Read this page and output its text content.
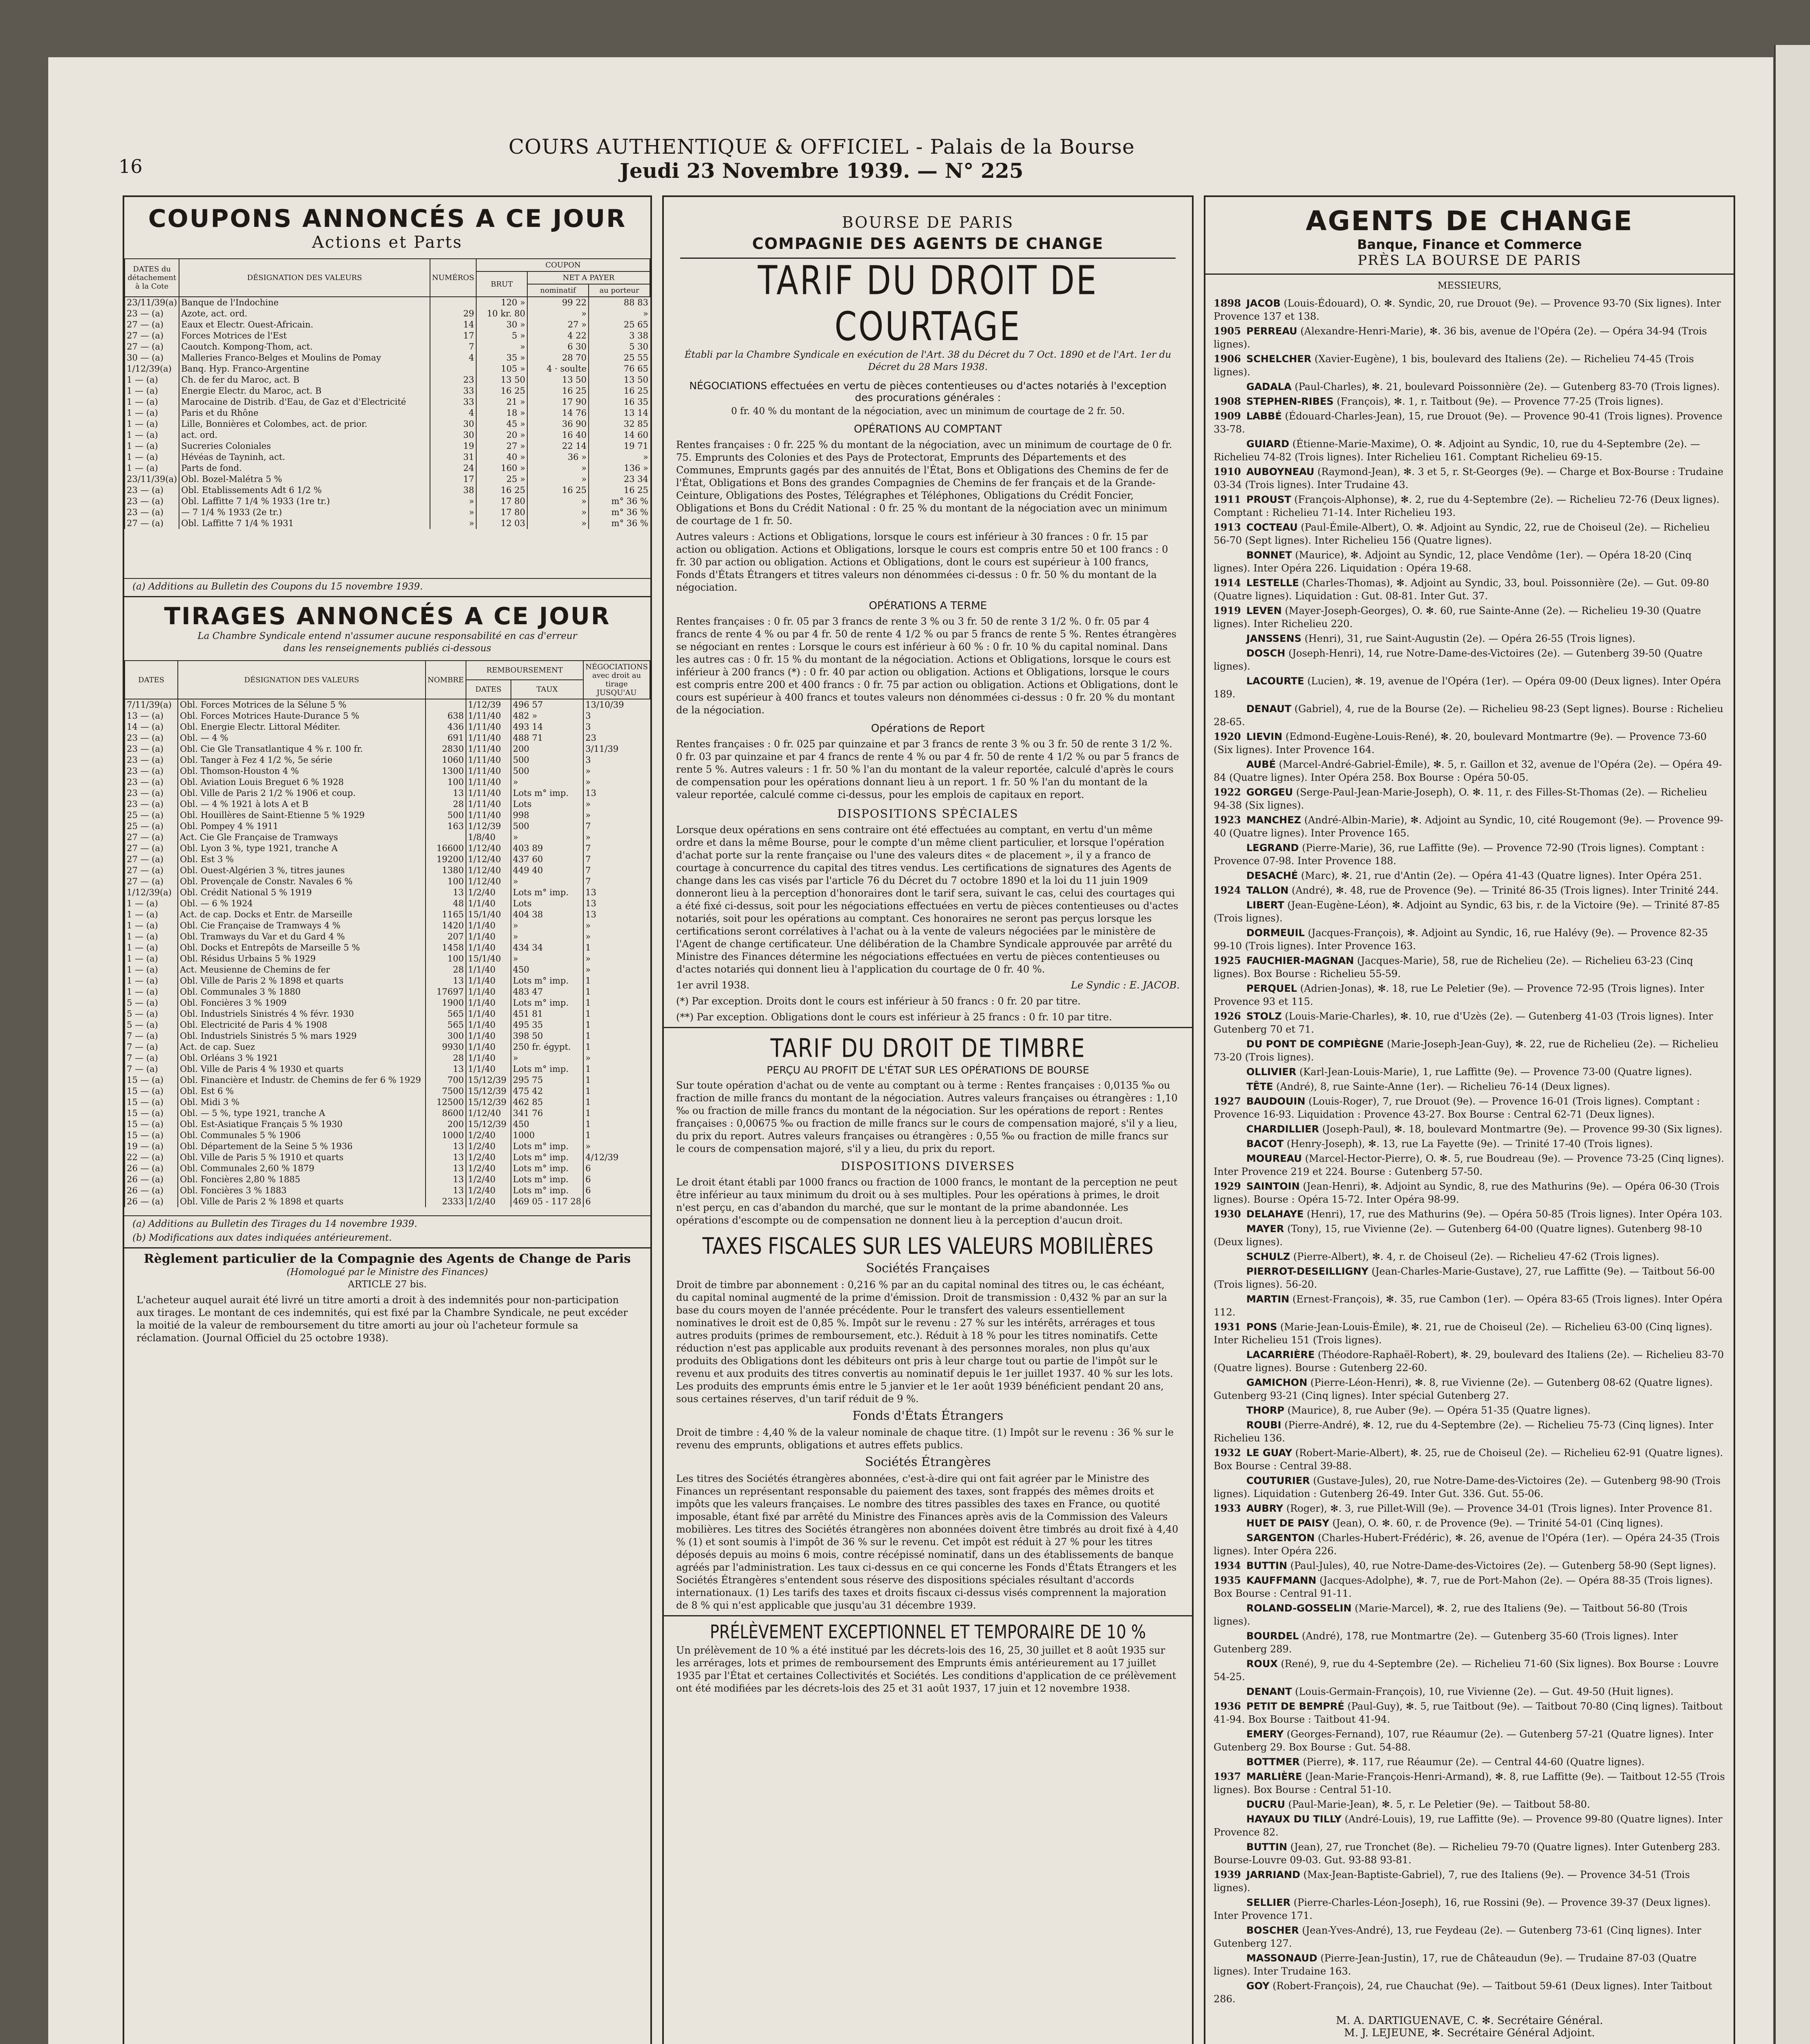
16
COURS AUTHENTIQUE & OFFICIEL - Palais de la Bourse
Jeudi 23 Novembre 1939. — N° 225
COUPONS ANNONCÉS A CE JOUR
Actions et Parts
DATES du détachement à la Cote	DÉSIGNATION DES VALEURS	NUMÉROS	COUPON		
			BRUT	NET A PAYER	
				nominatif	au porteur
23/11/39(a)	Banque de l'Indochine		120 »	99 22	88 83
23 — (a)	Azote, act. ord.	29	10 kr. 80	»	»
27 — (a)	Eaux et Electr. Ouest-Africain.	14	30 »	27 »	25 65
27 — (a)	Forces Motrices de l'Est	17	5 »	4 22	3 38
27 — (a)	Caoutch. Kompong-Thom, act.	7	»	6 30	5 30
30 — (a)	Malleries Franco-Belges et Moulins de Pomay	4	35 »	28 70	25 55
1/12/39(a)	Banq. Hyp. Franco-Argentine		105 »	4 · soulte	76 65
1 — (a)	Ch. de fer du Maroc, act. B	23	13 50	13 50	13 50
1 — (a)	Energie Electr. du Maroc, act. B	33	16 25	16 25	16 25
1 — (a)	Marocaine de Distrib. d'Eau, de Gaz et d'Electricité	33	21 »	17 90	16 35
1 — (a)	Paris et du Rhône	4	18 »	14 76	13 14
1 — (a)	Lille, Bonnières et Colombes, act. de prior.	30	45 »	36 90	32 85
1 — (a)	act. ord.	30	20 »	16 40	14 60
1 — (a)	Sucreries Coloniales	19	27 »	22 14	19 71
1 — (a)	Hévéas de Tayninh, act.	31	40 »	36 »	»
1 — (a)	Parts de fond.	24	160 »	»	136 »
23/11/39(a)	Obl. Bozel-Malétra 5 %	17	25 »	»	23 34
23 — (a)	Obl. Etablissements Adt 6 1/2 %	38	16 25	16 25	16 25
23 — (a)	Obl. Laffitte 7 1/4 % 1933 (1re tr.)	»	17 80	»	m° 36 %
23 — (a)	— 7 1/4 % 1933 (2e tr.)	»	17 80	»	m° 36 %
27 — (a)	Obl. Laffitte 7 1/4 % 1931	»	12 03	»	m° 36 %
(a) Additions au Bulletin des Coupons du 15 novembre 1939.
TIRAGES ANNONCÉS A CE JOUR
La Chambre Syndicale entend n'assumer aucune responsabilité en cas d'erreur
dans les renseignements publiés ci-dessous
DATES	DÉSIGNATION DES VALEURS	NOMBRE	REMBOURSEMENT		NÉGOCIATIONS avec droit au tirage JUSQU'AU
			DATES	TAUX	
7/11/39(a)	Obl. Forces Motrices de la Sélune 5 %		1/12/39	496 57	13/10/39
13 — (a)	Obl. Forces Motrices Haute-Durance 5 %	638	1/11/40	482 »	3
14 — (a)	Obl. Energie Electr. Littoral Méditer.	436	1/11/40	493 14	3
23 — (a)	Obl. — 4 %	691	1/11/40	488 71	23
23 — (a)	Obl. Cie Gle Transatlantique 4 % r. 100 fr.	2830	1/11/40	200	3/11/39
23 — (a)	Obl. Tanger à Fez 4 1/2 %, 5e série	1060	1/11/40	500	3
23 — (a)	Obl. Thomson-Houston 4 %	1300	1/11/40	500	»
23 — (a)	Obl. Aviation Louis Breguet 6 % 1928	100	1/11/40	»	»
23 — (a)	Obl. Ville de Paris 2 1/2 % 1906 et coup.	13	1/11/40	Lots m° imp.	13
23 — (a)	Obl. — 4 % 1921 à lots A et B	28	1/11/40	Lots	»
25 — (a)	Obl. Houillères de Saint-Etienne 5 % 1929	500	1/11/40	998	»
25 — (a)	Obl. Pompey 4 % 1911	163	1/12/39	500	7
27 — (a)	Act. Cie Gle Française de Tramways		1/8/40	»	»
27 — (a)	Obl. Lyon 3 %, type 1921, tranche A	16600	1/12/40	403 89	7
27 — (a)	Obl. Est 3 %	19200	1/12/40	437 60	7
27 — (a)	Obl. Ouest-Algérien 3 %, titres jaunes	1380	1/12/40	449 40	7
27 — (a)	Obl. Provençale de Constr. Navales 6 %	100	1/12/40	»	7
1/12/39(a)	Obl. Crédit National 5 % 1919	13	1/2/40	Lots m° imp.	13
1 — (a)	Obl. — 6 % 1924	48	1/1/40	Lots	13
1 — (a)	Act. de cap. Docks et Entr. de Marseille	1165	15/1/40	404 38	13
1 — (a)	Obl. Cie Française de Tramways 4 %	1420	1/1/40	»	»
1 — (a)	Obl. Tramways du Var et du Gard 4 %	207	1/1/40	»	»
1 — (a)	Obl. Docks et Entrepôts de Marseille 5 %	1458	1/1/40	434 34	1
1 — (a)	Obl. Résidus Urbains 5 % 1929	100	15/1/40	»	»
1 — (a)	Act. Meusienne de Chemins de fer	28	1/1/40	450	»
1 — (a)	Obl. Ville de Paris 2 % 1898 et quarts	13	1/1/40	Lots m° imp.	1
1 — (a)	Obl. Communales 3 % 1880	17697	1/1/40	483 47	1
5 — (a)	Obl. Foncières 3 % 1909	1900	1/1/40	Lots m° imp.	1
5 — (a)	Obl. Industriels Sinistrés 4 % févr. 1930	565	1/1/40	451 81	1
5 — (a)	Obl. Electricité de Paris 4 % 1908	565	1/1/40	495 35	1
7 — (a)	Obl. Industriels Sinistrés 5 % mars 1929	300	1/1/40	398 50	1
7 — (a)	Act. de cap. Suez	9930	1/1/40	250 fr. égypt.	1
7 — (a)	Obl. Orléans 3 % 1921	28	1/1/40	»	»
7 — (a)	Obl. Ville de Paris 4 % 1930 et quarts	13	1/1/40	Lots m° imp.	1
15 — (a)	Obl. Financière et Industr. de Chemins de fer 6 % 1929	700	15/12/39	295 75	1
15 — (a)	Obl. Est 6 %	7500	15/12/39	475 42	1
15 — (a)	Obl. Midi 3 %	12500	15/12/39	462 85	1
15 — (a)	Obl. — 5 %, type 1921, tranche A	8600	1/12/40	341 76	1
15 — (a)	Obl. Est-Asiatique Français 5 % 1930	200	15/12/39	450	1
15 — (a)	Obl. Communales 5 % 1906	1000	1/2/40	1000	1
19 — (a)	Obl. Département de la Seine 5 % 1936	13	1/2/40	Lots m° imp.	»
22 — (a)	Obl. Ville de Paris 5 % 1910 et quarts	13	1/2/40	Lots m° imp.	4/12/39
26 — (a)	Obl. Communales 2,60 % 1879	13	1/2/40	Lots m° imp.	6
26 — (a)	Obl. Foncières 2,80 % 1885	13	1/2/40	Lots m° imp.	6
26 — (a)	Obl. Foncières 3 % 1883	13	1/2/40	Lots m° imp.	6
26 — (a)	Obl. Ville de Paris 2 % 1898 et quarts	2333	1/2/40	469 05 - 117 28	6
(a) Additions au Bulletin des Tirages du 14 novembre 1939.
(b) Modifications aux dates indiquées antérieurement.
Règlement particulier de la Compagnie des Agents de Change de Paris
(Homologué par le Ministre des Finances)
ARTICLE 27 bis.
L'acheteur auquel aurait été livré un titre amorti a droit à des indemnités pour non-participation aux tirages. Le montant de ces indemnités, qui est fixé par la Chambre Syndicale, ne peut excéder la moitié de la valeur de remboursement du titre amorti au jour où l'acheteur formule sa réclamation. (Journal Officiel du 25 octobre 1938).
BOURSE DE PARIS
COMPAGNIE DES AGENTS DE CHANGE
TARIF DU DROIT DE COURTAGE
Établi par la Chambre Syndicale en exécution de l'Art. 38 du Décret du 7 Oct. 1890 et de l'Art. 1er du Décret du 28 Mars 1938.
NÉGOCIATIONS effectuées en vertu de pièces contentieuses ou d'actes notariés à l'exception des procurations générales :
0 fr. 40 % du montant de la négociation, avec un minimum de courtage de 2 fr. 50.
OPÉRATIONS AU COMPTANT
Rentes françaises : 0 fr. 225 % du montant de la négociation, avec un minimum de courtage de 0 fr. 75. Emprunts des Colonies et des Pays de Protectorat, Emprunts des Départements et des Communes, Emprunts gagés par des annuités de l'État, Bons et Obligations des Chemins de fer de l'État, Obligations et Bons des grandes Compagnies de Chemins de fer français et de la Grande-Ceinture, Obligations des Postes, Télégraphes et Téléphones, Obligations du Crédit Foncier, Obligations et Bons du Crédit National : 0 fr. 25 % du montant de la négociation avec un minimum de courtage de 1 fr. 50.
Autres valeurs : Actions et Obligations, lorsque le cours est inférieur à 30 frances : 0 fr. 15 par action ou obligation. Actions et Obligations, lorsque le cours est compris entre 50 et 100 francs : 0 fr. 30 par action ou obligation. Actions et Obligations, dont le cours est supérieur à 100 francs, Fonds d'États Étrangers et titres valeurs non dénommées ci-dessus : 0 fr. 50 % du montant de la négociation.
OPÉRATIONS A TERME
Rentes françaises : 0 fr. 05 par 3 francs de rente 3 % ou 3 fr. 50 de rente 3 1/2 %. 0 fr. 05 par 4 francs de rente 4 % ou par 4 fr. 50 de rente 4 1/2 % ou par 5 francs de rente 5 %. Rentes étrangères se négociant en rentes : Lorsque le cours est inférieur à 60 % : 0 fr. 10 % du capital nominal. Dans les autres cas : 0 fr. 15 % du montant de la négociation. Actions et Obligations, lorsque le cours est inférieur à 200 francs (*) : 0 fr. 40 par action ou obligation. Actions et Obligations, lorsque le cours est compris entre 200 et 400 francs : 0 fr. 75 par action ou obligation. Actions et Obligations, dont le cours est supérieur à 400 francs et toutes valeurs non dénommées ci-dessus : 0 fr. 20 % du montant de la négociation.
Opérations de Report
Rentes françaises : 0 fr. 025 par quinzaine et par 3 francs de rente 3 % ou 3 fr. 50 de rente 3 1/2 %. 0 fr. 03 par quinzaine et par 4 francs de rente 4 % ou par 4 fr. 50 de rente 4 1/2 % ou par 5 francs de rente 5 %. Autres valeurs : 1 fr. 50 % l'an du montant de la valeur reportée, calculé d'après le cours de compensation pour les opérations donnant lieu à un report. 1 fr. 50 % l'an du montant de la valeur reportée, calculé comme ci-dessus, pour les emplois de capitaux en report.
DISPOSITIONS SPÉCIALES
Lorsque deux opérations en sens contraire ont été effectuées au comptant, en vertu d'un même ordre et dans la même Bourse, pour le compte d'un même client particulier, et lorsque l'opération d'achat porte sur la rente française ou l'une des valeurs dites « de placement », il y a franco de courtage à concurrence du capital des titres vendus. Les certifications de signatures des Agents de change dans les cas visés par l'article 76 du Décret du 7 octobre 1890 et la loi du 11 juin 1909 donneront lieu à la perception d'honoraires dont le tarif sera, suivant le cas, celui des courtages qui a été fixé ci-dessus, soit pour les négociations effectuées en vertu de pièces contentieuses ou d'actes notariés, soit pour les opérations au comptant. Ces honoraires ne seront pas perçus lorsque les certifications seront corrélatives à l'achat ou à la vente de valeurs négociées par le ministère de l'Agent de change certificateur. Une délibération de la Chambre Syndicale approuvée par arrêté du Ministre des Finances détermine les négociations effectuées en vertu de pièces contentieuses ou d'actes notariés qui donnent lieu à l'application du courtage de 0 fr. 40 %.
1er avril 1938.	Le Syndic : E. JACOB.
(*) Par exception. Droits dont le cours est inférieur à 50 francs : 0 fr. 20 par titre.
(**) Par exception. Obligations dont le cours est inférieur à 25 francs : 0 fr. 10 par titre.
TARIF DU DROIT DE TIMBRE
PERÇU AU PROFIT DE L'ÉTAT SUR LES OPÉRATIONS DE BOURSE
Sur toute opération d'achat ou de vente au comptant ou à terme : Rentes françaises : 0,0135 ‰ ou fraction de mille francs du montant de la négociation. Autres valeurs françaises ou étrangères : 1,10 ‰ ou fraction de mille francs du montant de la négociation. Sur les opérations de report : Rentes françaises : 0,00675 ‰ ou fraction de mille francs sur le cours de compensation majoré, s'il y a lieu, du prix du report. Autres valeurs françaises ou étrangères : 0,55 ‰ ou fraction de mille francs sur le cours de compensation majoré, s'il y a lieu, du prix du report.
DISPOSITIONS DIVERSES
Le droit étant établi par 1000 francs ou fraction de 1000 francs, le montant de la perception ne peut être inférieur au taux minimum du droit ou à ses multiples. Pour les opérations à primes, le droit n'est perçu, en cas d'abandon du marché, que sur le montant de la prime abandonnée. Les opérations d'escompte ou de compensation ne donnent lieu à la perception d'aucun droit.
TAXES FISCALES SUR LES VALEURS MOBILIÈRES
Sociétés Françaises
Droit de timbre par abonnement : 0,216 % par an du capital nominal des titres ou, le cas échéant, du capital nominal augmenté de la prime d'émission. Droit de transmission : 0,432 % par an sur la base du cours moyen de l'année précédente. Pour le transfert des valeurs essentiellement nominatives le droit est de 0,85 %. Impôt sur le revenu : 27 % sur les intérêts, arrérages et tous autres produits (primes de remboursement, etc.). Réduit à 18 % pour les titres nominatifs. Cette réduction n'est pas applicable aux produits revenant à des personnes morales, non plus qu'aux produits des Obligations dont les débiteurs ont pris à leur charge tout ou partie de l'impôt sur le revenu et aux produits des titres convertis au nominatif depuis le 1er juillet 1937. 40 % sur les lots. Les produits des emprunts émis entre le 5 janvier et le 1er août 1939 bénéficient pendant 20 ans, sous certaines réserves, d'un tarif réduit de 9 %.
Fonds d'États Étrangers
Droit de timbre : 4,40 % de la valeur nominale de chaque titre. (1) Impôt sur le revenu : 36 % sur le revenu des emprunts, obligations et autres effets publics.
Sociétés Étrangères
Les titres des Sociétés étrangères abonnées, c'est-à-dire qui ont fait agréer par le Ministre des Finances un représentant responsable du paiement des taxes, sont frappés des mêmes droits et impôts que les valeurs françaises. Le nombre des titres passibles des taxes en France, ou quotité imposable, étant fixé par arrêté du Ministre des Finances après avis de la Commission des Valeurs mobilières. Les titres des Sociétés étrangères non abonnées doivent être timbrés au droit fixé à 4,40 % (1) et sont soumis à l'impôt de 36 % sur le revenu. Cet impôt est réduit à 27 % pour les titres déposés depuis au moins 6 mois, contre récépissé nominatif, dans un des établissements de banque agréés par l'administration. Les taux ci-dessus en ce qui concerne les Fonds d'États Étrangers et les Sociétés Étrangères s'entendent sous réserve des dispositions spéciales résultant d'accords internationaux. (1) Les tarifs des taxes et droits fiscaux ci-dessus visés comprennent la majoration de 8 % qui n'est applicable que jusqu'au 31 décembre 1939.
PRÉLÈVEMENT EXCEPTIONNEL ET TEMPORAIRE DE 10 %
Un prélèvement de 10 % a été institué par les décrets-lois des 16, 25, 30 juillet et 8 août 1935 sur les arrérages, lots et primes de remboursement des Emprunts émis antérieurement au 17 juillet 1935 par l'État et certaines Collectivités et Sociétés. Les conditions d'application de ce prélèvement ont été modifiées par les décrets-lois des 25 et 31 août 1937, 17 juin et 12 novembre 1938.
AGENTS DE CHANGE
Banque, Finance et Commerce
PRÈS LA BOURSE DE PARIS
MESSIEURS,
1898 JACOB (Louis-Édouard), O. ✻. Syndic, 20, rue Drouot (9e). — Provence 93-70 (Six lignes). Inter Provence 137 et 138.
1905 PERREAU (Alexandre-Henri-Marie), ✻. 36 bis, avenue de l'Opéra (2e). — Opéra 34-94 (Trois lignes).
1906 SCHELCHER (Xavier-Eugène), 1 bis, boulevard des Italiens (2e). — Richelieu 74-45 (Trois lignes).
GADALA (Paul-Charles), ✻. 21, boulevard Poissonnière (2e). — Gutenberg 83-70 (Trois lignes).
1908 STEPHEN-RIBES (François), ✻. 1, r. Taitbout (9e). — Provence 77-25 (Trois lignes).
1909 LABBÉ (Édouard-Charles-Jean), 15, rue Drouot (9e). — Provence 90-41 (Trois lignes). Provence 33-78.
GUIARD (Étienne-Marie-Maxime), O. ✻. Adjoint au Syndic, 10, rue du 4-Septembre (2e). — Richelieu 74-82 (Trois lignes). Inter Richelieu 161. Comptant Richelieu 69-15.
1910 AUBOYNEAU (Raymond-Jean), ✻. 3 et 5, r. St-Georges (9e). — Charge et Box-Bourse : Trudaine 03-34 (Trois lignes). Inter Trudaine 43.
1911 PROUST (François-Alphonse), ✻. 2, rue du 4-Septembre (2e). — Richelieu 72-76 (Deux lignes). Comptant : Richelieu 71-14. Inter Richelieu 193.
1913 COCTEAU (Paul-Émile-Albert), O. ✻. Adjoint au Syndic, 22, rue de Choiseul (2e). — Richelieu 56-70 (Sept lignes). Inter Richelieu 156 (Quatre lignes).
BONNET (Maurice), ✻. Adjoint au Syndic, 12, place Vendôme (1er). — Opéra 18-20 (Cinq lignes). Inter Opéra 226. Liquidation : Opéra 19-68.
1914 LESTELLE (Charles-Thomas), ✻. Adjoint au Syndic, 33, boul. Poissonnière (2e). — Gut. 09-80 (Quatre lignes). Liquidation : Gut. 08-81. Inter Gut. 37.
1919 LEVEN (Mayer-Joseph-Georges), O. ✻. 60, rue Sainte-Anne (2e). — Richelieu 19-30 (Quatre lignes). Inter Richelieu 220.
JANSSENS (Henri), 31, rue Saint-Augustin (2e). — Opéra 26-55 (Trois lignes).
DOSCH (Joseph-Henri), 14, rue Notre-Dame-des-Victoires (2e). — Gutenberg 39-50 (Quatre lignes).
LACOURTE (Lucien), ✻. 19, avenue de l'Opéra (1er). — Opéra 09-00 (Deux lignes). Inter Opéra 189.
DENAUT (Gabriel), 4, rue de la Bourse (2e). — Richelieu 98-23 (Sept lignes). Bourse : Richelieu 28-65.
1920 LIEVIN (Edmond-Eugène-Louis-René), ✻. 20, boulevard Montmartre (9e). — Provence 73-60 (Six lignes). Inter Provence 164.
AUBÉ (Marcel-André-Gabriel-Émile), ✻. 5, r. Gaillon et 32, avenue de l'Opéra (2e). — Opéra 49-84 (Quatre lignes). Inter Opéra 258. Box Bourse : Opéra 50-05.
1922 GORGEU (Serge-Paul-Jean-Marie-Joseph), O. ✻. 11, r. des Filles-St-Thomas (2e). — Richelieu 94-38 (Six lignes).
1923 MANCHEZ (André-Albin-Marie), ✻. Adjoint au Syndic, 10, cité Rougemont (9e). — Provence 99-40 (Quatre lignes). Inter Provence 165.
LEGRAND (Pierre-Marie), 36, rue Laffitte (9e). — Provence 72-90 (Trois lignes). Comptant : Provence 07-98. Inter Provence 188.
DESACHÉ (Marc), ✻. 21, rue d'Antin (2e). — Opéra 41-43 (Quatre lignes). Inter Opéra 251.
1924 TALLON (André), ✻. 48, rue de Provence (9e). — Trinité 86-35 (Trois lignes). Inter Trinité 244.
LIBERT (Jean-Eugène-Léon), ✻. Adjoint au Syndic, 63 bis, r. de la Victoire (9e). — Trinité 87-85 (Trois lignes).
DORMEUIL (Jacques-François), ✻. Adjoint au Syndic, 16, rue Halévy (9e). — Provence 82-35 99-10 (Trois lignes). Inter Provence 163.
1925 FAUCHIER-MAGNAN (Jacques-Marie), 58, rue de Richelieu (2e). — Richelieu 63-23 (Cinq lignes). Box Bourse : Richelieu 55-59.
PERQUEL (Adrien-Jonas), ✻. 18, rue Le Peletier (9e). — Provence 72-95 (Trois lignes). Inter Provence 93 et 115.
1926 STOLZ (Louis-Marie-Charles), ✻. 10, rue d'Uzès (2e). — Gutenberg 41-03 (Trois lignes). Inter Gutenberg 70 et 71.
DU PONT DE COMPIÈGNE (Marie-Joseph-Jean-Guy), ✻. 22, rue de Richelieu (2e). — Richelieu 73-20 (Trois lignes).
OLLIVIER (Karl-Jean-Louis-Marie), 1, rue Laffitte (9e). — Provence 73-00 (Quatre lignes).
TÊTE (André), 8, rue Sainte-Anne (1er). — Richelieu 76-14 (Deux lignes).
1927 BAUDOUIN (Louis-Roger), 7, rue Drouot (9e). — Provence 16-01 (Trois lignes). Comptant : Provence 16-93. Liquidation : Provence 43-27. Box Bourse : Central 62-71 (Deux lignes).
CHARDILLIER (Joseph-Paul), ✻. 18, boulevard Montmartre (9e). — Provence 99-30 (Six lignes).
BACOT (Henry-Joseph), ✻. 13, rue La Fayette (9e). — Trinité 17-40 (Trois lignes).
MOUREAU (Marcel-Hector-Pierre), O. ✻. 5, rue Boudreau (9e). — Provence 73-25 (Cinq lignes). Inter Provence 219 et 224. Bourse : Gutenberg 57-50.
1929 SAINTOIN (Jean-Henri), ✻. Adjoint au Syndic, 8, rue des Mathurins (9e). — Opéra 06-30 (Trois lignes). Bourse : Opéra 15-72. Inter Opéra 98-99.
1930 DELAHAYE (Henri), 17, rue des Mathurins (9e). — Opéra 50-85 (Trois lignes). Inter Opéra 103.
MAYER (Tony), 15, rue Vivienne (2e). — Gutenberg 64-00 (Quatre lignes). Gutenberg 98-10 (Deux lignes).
SCHULZ (Pierre-Albert), ✻. 4, r. de Choiseul (2e). — Richelieu 47-62 (Trois lignes).
PIERROT-DESEILLIGNY (Jean-Charles-Marie-Gustave), 27, rue Laffitte (9e). — Taitbout 56-00 (Trois lignes). 56-20.
MARTIN (Ernest-François), ✻. 35, rue Cambon (1er). — Opéra 83-65 (Trois lignes). Inter Opéra 112.
1931 PONS (Marie-Jean-Louis-Émile), ✻. 21, rue de Choiseul (2e). — Richelieu 63-00 (Cinq lignes). Inter Richelieu 151 (Trois lignes).
LACARRIÈRE (Théodore-Raphaël-Robert), ✻. 29, boulevard des Italiens (2e). — Richelieu 83-70 (Quatre lignes). Bourse : Gutenberg 22-60.
GAMICHON (Pierre-Léon-Henri), ✻. 8, rue Vivienne (2e). — Gutenberg 08-62 (Quatre lignes). Gutenberg 93-21 (Cinq lignes). Inter spécial Gutenberg 27.
THORP (Maurice), 8, rue Auber (9e). — Opéra 51-35 (Quatre lignes).
ROUBI (Pierre-André), ✻. 12, rue du 4-Septembre (2e). — Richelieu 75-73 (Cinq lignes). Inter Richelieu 136.
1932 LE GUAY (Robert-Marie-Albert), ✻. 25, rue de Choiseul (2e). — Richelieu 62-91 (Quatre lignes). Box Bourse : Central 39-88.
COUTURIER (Gustave-Jules), 20, rue Notre-Dame-des-Victoires (2e). — Gutenberg 98-90 (Trois lignes). Liquidation : Gutenberg 26-49. Inter Gut. 336. Gut. 55-06.
1933 AUBRY (Roger), ✻. 3, rue Pillet-Will (9e). — Provence 34-01 (Trois lignes). Inter Provence 81.
HUET DE PAISY (Jean), O. ✻. 60, r. de Provence (9e). — Trinité 54-01 (Cinq lignes).
SARGENTON (Charles-Hubert-Frédéric), ✻. 26, avenue de l'Opéra (1er). — Opéra 24-35 (Trois lignes). Inter Opéra 226.
1934 BUTTIN (Paul-Jules), 40, rue Notre-Dame-des-Victoires (2e). — Gutenberg 58-90 (Sept lignes).
1935 KAUFFMANN (Jacques-Adolphe), ✻. 7, rue de Port-Mahon (2e). — Opéra 88-35 (Trois lignes). Box Bourse : Central 91-11.
ROLAND-GOSSELIN (Marie-Marcel), ✻. 2, rue des Italiens (9e). — Taitbout 56-80 (Trois lignes).
BOURDEL (André), 178, rue Montmartre (2e). — Gutenberg 35-60 (Trois lignes). Inter Gutenberg 289.
ROUX (René), 9, rue du 4-Septembre (2e). — Richelieu 71-60 (Six lignes). Box Bourse : Louvre 54-25.
DENANT (Louis-Germain-François), 10, rue Vivienne (2e). — Gut. 49-50 (Huit lignes).
1936 PETIT DE BEMPRÉ (Paul-Guy), ✻. 5, rue Taitbout (9e). — Taitbout 70-80 (Cinq lignes). Taitbout 41-94. Box Bourse : Taitbout 41-94.
EMERY (Georges-Fernand), 107, rue Réaumur (2e). — Gutenberg 57-21 (Quatre lignes). Inter Gutenberg 29. Box Bourse : Gut. 54-88.
BOTTMER (Pierre), ✻. 117, rue Réaumur (2e). — Central 44-60 (Quatre lignes).
1937 MARLIÈRE (Jean-Marie-François-Henri-Armand), ✻. 8, rue Laffitte (9e). — Taitbout 12-55 (Trois lignes). Box Bourse : Central 51-10.
DUCRU (Paul-Marie-Jean), ✻. 5, r. Le Peletier (9e). — Taitbout 58-80.
HAYAUX DU TILLY (André-Louis), 19, rue Laffitte (9e). — Provence 99-80 (Quatre lignes). Inter Provence 82.
BUTTIN (Jean), 27, rue Tronchet (8e). — Richelieu 79-70 (Quatre lignes). Inter Gutenberg 283. Bourse-Louvre 09-03. Gut. 93-88 93-81.
1939 JARRIAND (Max-Jean-Baptiste-Gabriel), 7, rue des Italiens (9e). — Provence 34-51 (Trois lignes).
SELLIER (Pierre-Charles-Léon-Joseph), 16, rue Rossini (9e). — Provence 39-37 (Deux lignes). Inter Provence 171.
BOSCHER (Jean-Yves-André), 13, rue Feydeau (2e). — Gutenberg 73-61 (Cinq lignes). Inter Gutenberg 127.
MASSONAUD (Pierre-Jean-Justin), 17, rue de Châteaudun (9e). — Trudaine 87-03 (Quatre lignes). Inter Trudaine 163.
GOY (Robert-François), 24, rue Chauchat (9e). — Taitbout 59-61 (Deux lignes). Inter Taitbout 286.
M. A. DARTIGUENAVE, C. ✻. Secrétaire Général.
M. J. LEJEUNE, ✻. Secrétaire Général Adjoint.
